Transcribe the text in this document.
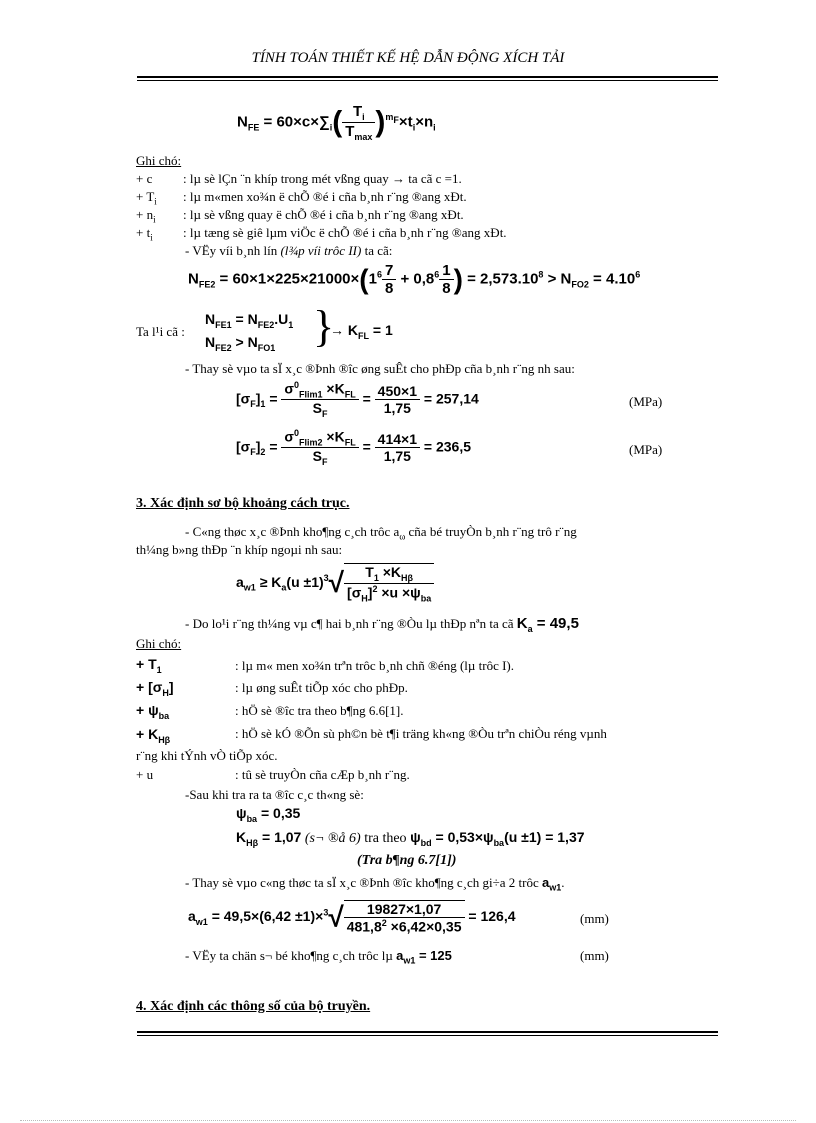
TÍNH TOÁN THIẾT KẾ HỆ DẪN ĐỘNG XÍCH TẢI
$N_{FE} = 60\times c\times\sum_i( \frac{T_i}{T_{max}} )^{m_F}\times t_i\times n_i$
Ghi chó:
+ c : lµ sè lÇn ¨n khíp trong mét vßng quay → ta cã c =1.
+ $T_i$ : lµ m«men xo¾n ë chÕ ®é i cña b¸nh r¨ng ®ang xÐt.
+ $n_i$ : lµ sè vßng quay ë chÕ ®é i cña b¸nh r¨ng ®ang xÐt.
+ $t_i$ : lµ tæng sè giê lµm viÖc ë chÕ ®é i cña b¸nh r¨ng ®ang xÐt.
- VËy víi b¸nh lín (l¾p víi trôc II) ta cã:
$N_{FE2} = 60\times 1\times 225\times 21000\times(1^6 \frac{7}{8} + 0,8^6 \frac{1}{8}$ ) = $2,573.10^8 > N_{FO2} = 4.10^6$
Ta l¹i cã :
$N_{FE1} = N_{FE2}.U_1$
$N_{FE2} > N_{FO1}$ }
→ $K_{FL} = 1$
- Thay sè vµo ta sÏ x¸c ®Þnh ®îc øng suÊt cho phÐp cña b¸nh r¨ng nh sau:
$[\sigma_F]_1 = \frac{\sigma^0_{Flim1} \times K_{FL}}{S_F} = \frac{450\times 1}{1,75} = 257,14$	(MPa)
$[\sigma_F]_2 = \frac{\sigma^0_{Flim2} \times K_{FL}}{S_F} = \frac{414\times 1}{1,75} = 236,5$	(MPa)
3. Xác định sơ bộ khoảng cách trục.
- C«ng thøc x¸c ®Þnh kho¶ng c¸ch trôc $a_\omega$ cña bé truyÒn b¸nh r¨ng trô r¨ng
th¼ng b»ng thÐp ¨n khíp ngoµi nh sau:
$a_{w1} \ge K_a(u \pm 1)^3√ \frac{T_1 \times K_{H\beta}}{[\sigma_H]^2 \times u \times\psi_{ba}}$
- Do lo¹i r¨ng th¼ng vµ c¶ hai b¸nh r¨ng ®Òu lµ thÐp nªn ta cã $K_a = 49,5$
Ghi chó:
+ $T_1$	: lµ m« men xo¾n trªn trôc b¸nh chñ ®éng (lµ trôc I).
+ $[\sigma_H]$	: lµ øng suÊt tiÕp xóc cho phÐp.
+ $\psi_{ba}$	: hÖ sè ®îc tra theo b¶ng 6.6[1].
+ $K_{H\beta}$	: hÖ sè kÓ ®Õn sù ph©n bè t¶i träng kh«ng ®Òu trªn chiÒu réng vµnh
r¨ng khi tÝnh vÒ tiÕp xóc.
+ u	: tû sè truyÒn cña cÆp b¸nh r¨ng.
-Sau khi tra ra ta ®îc c¸c th«ng sè:
$\psi_{ba} = 0,35$
$K_{H\beta} = 1,07$ (s¬ ®å 6) tra theo $\psi_{bd} = 0,53\times\psi_{ba}(u \pm 1) = 1,37$
(Tra b¶ng 6.7[1])
- Thay sè vµo c«ng thøc ta sÏ x¸c ®Þnh ®îc kho¶ng c¸ch gi÷a 2 trôc $a_{w1}$.
$a_{w1} = 49,5\times(6,42 \pm 1)\times^3√ \frac{19827\times 1,07}{481,8^2 \times 6,42\times 0,35} = 126,4$	(mm)
- VËy ta chän s¬ bé kho¶ng c¸ch trôc lµ $a_{w1} = 125$	(mm)
4. Xác định các thông số của bộ truyền.
